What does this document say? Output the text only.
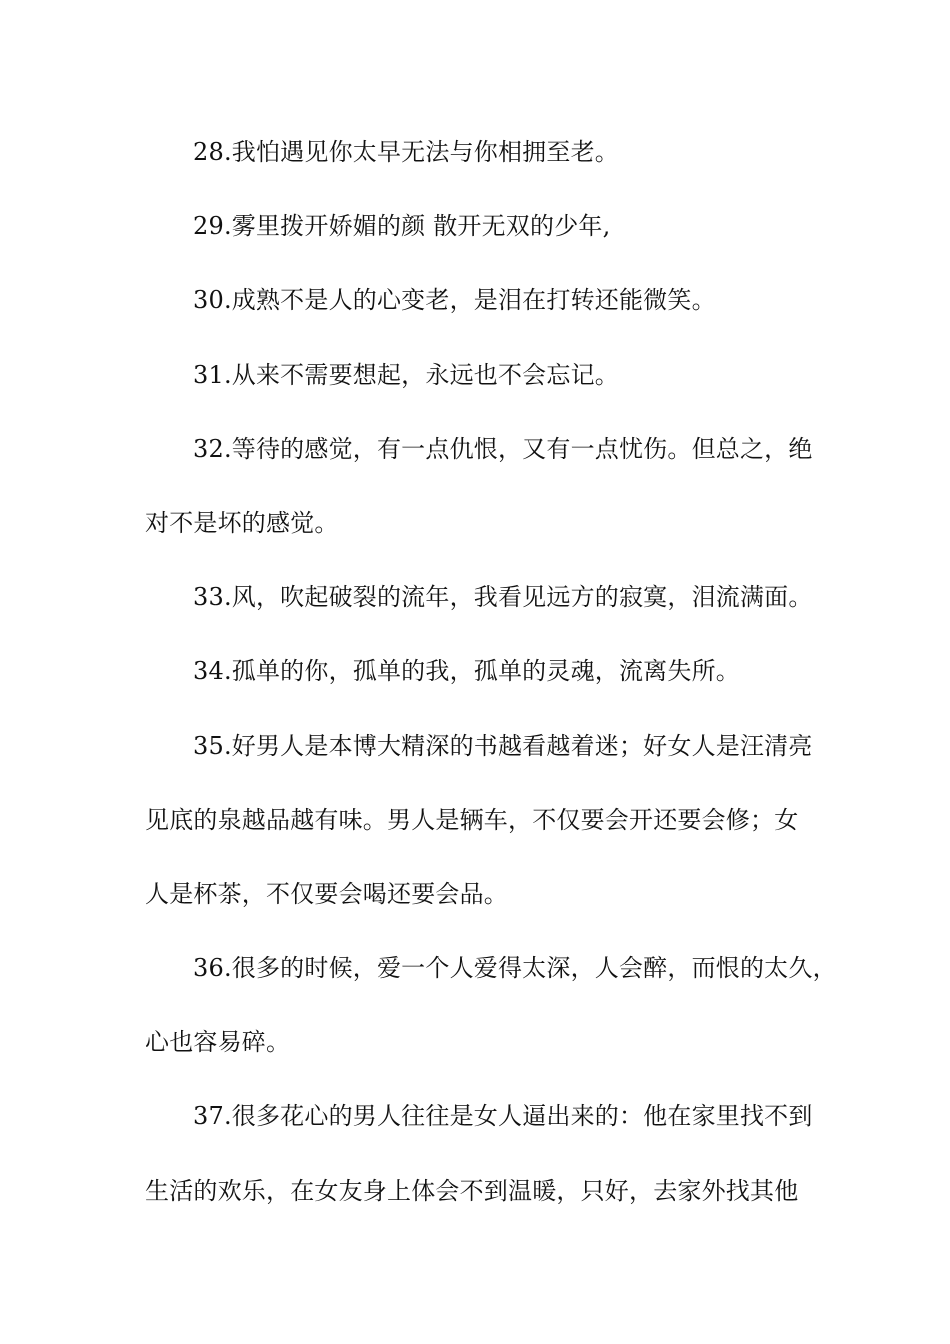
28.我怕遇见你太早无法与你相拥至老。
29.雾里拨开娇媚的颜 散开无双的少年,
30.成熟不是人的心变老，是泪在打转还能微笑。
31.从来不需要想起，永远也不会忘记。
32.等待的感觉，有一点仇恨，又有一点忧伤。但总之，绝
对不是坏的感觉。
33.风，吹起破裂的流年，我看见远方的寂寞，泪流满面。
34.孤单的你，孤单的我，孤单的灵魂，流离失所。
35.好男人是本博大精深的书越看越着迷；好女人是汪清亮
见底的泉越品越有味。男人是辆车，不仅要会开还要会修；女
人是杯茶，不仅要会喝还要会品。
36.很多的时候，爱一个人爱得太深，人会醉，而恨的太久，
心也容易碎。
37.很多花心的男人往往是女人逼出来的：他在家里找不到
生活的欢乐，在女友身上体会不到温暖，只好，去家外找其他
